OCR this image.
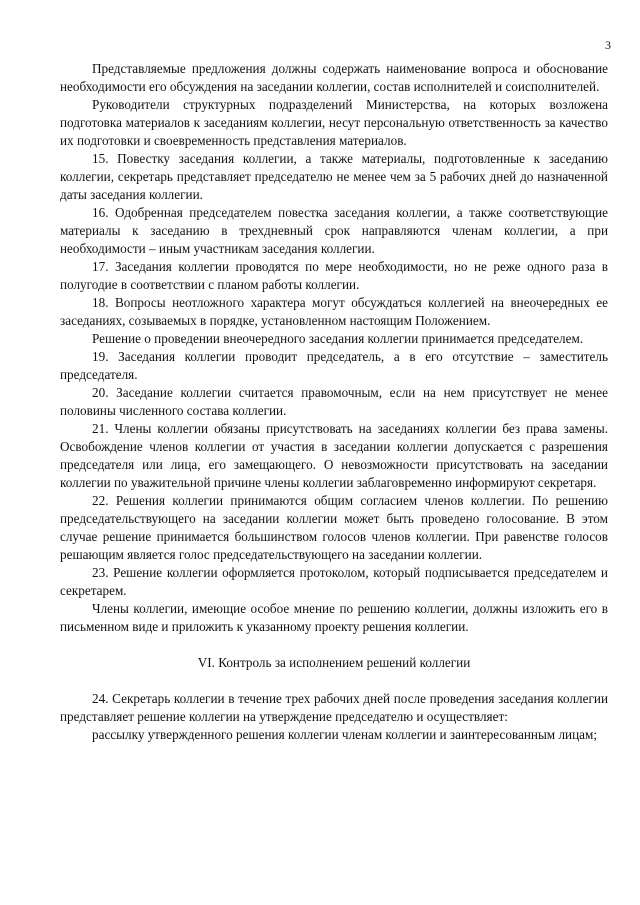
3

Представляемые предложения должны содержать наименование вопроса и обоснование необходимости его обсуждения на заседании коллегии, состав исполнителей и соисполнителей.

Руководители структурных подразделений Министерства, на которых возложена подготовка материалов к заседаниям коллегии, несут персональную ответственность за качество их подготовки и своевременность представления материалов.

15. Повестку заседания коллегии, а также материалы, подготовленные к заседанию коллегии, секретарь представляет председателю не менее чем за 5 рабочих дней до назначенной даты заседания коллегии.

16. Одобренная председателем повестка заседания коллегии, а также соответствующие материалы к заседанию в трехдневный срок направляются членам коллегии, а при необходимости – иным участникам заседания коллегии.

17. Заседания коллегии проводятся по мере необходимости, но не реже одного раза в полугодие в соответствии с планом работы коллегии.

18. Вопросы неотложного характера могут обсуждаться коллегией на внеочередных ее заседаниях, созываемых в порядке, установленном настоящим Положением.

Решение о проведении внеочередного заседания коллегии принимается председателем.

19. Заседания коллегии проводит председатель, а в его отсутствие – заместитель председателя.

20. Заседание коллегии считается правомочным, если на нем присутствует не менее половины численного состава коллегии.

21. Члены коллегии обязаны присутствовать на заседаниях коллегии без права замены. Освобождение членов коллегии от участия в заседании коллегии допускается с разрешения председателя или лица, его замещающего. О невозможности присутствовать на заседании коллегии по уважительной причине члены коллегии заблаговременно информируют секретаря.

22. Решения коллегии принимаются общим согласием членов коллегии. По решению председательствующего на заседании коллегии может быть проведено голосование. В этом случае решение принимается большинством голосов членов коллегии. При равенстве голосов решающим является голос председательствующего на заседании коллегии.

23. Решение коллегии оформляется протоколом, который подписывается председателем и секретарем.

Члены коллегии, имеющие особое мнение по решению коллегии, должны изложить его в письменном виде и приложить к указанному проекту решения коллегии.

VI. Контроль за исполнением решений коллегии

24. Секретарь коллегии в течение трех рабочих дней после проведения заседания коллегии представляет решение коллегии на утверждение председателю и осуществляет:

рассылку утвержденного решения коллегии членам коллегии и заинтересованным лицам;
